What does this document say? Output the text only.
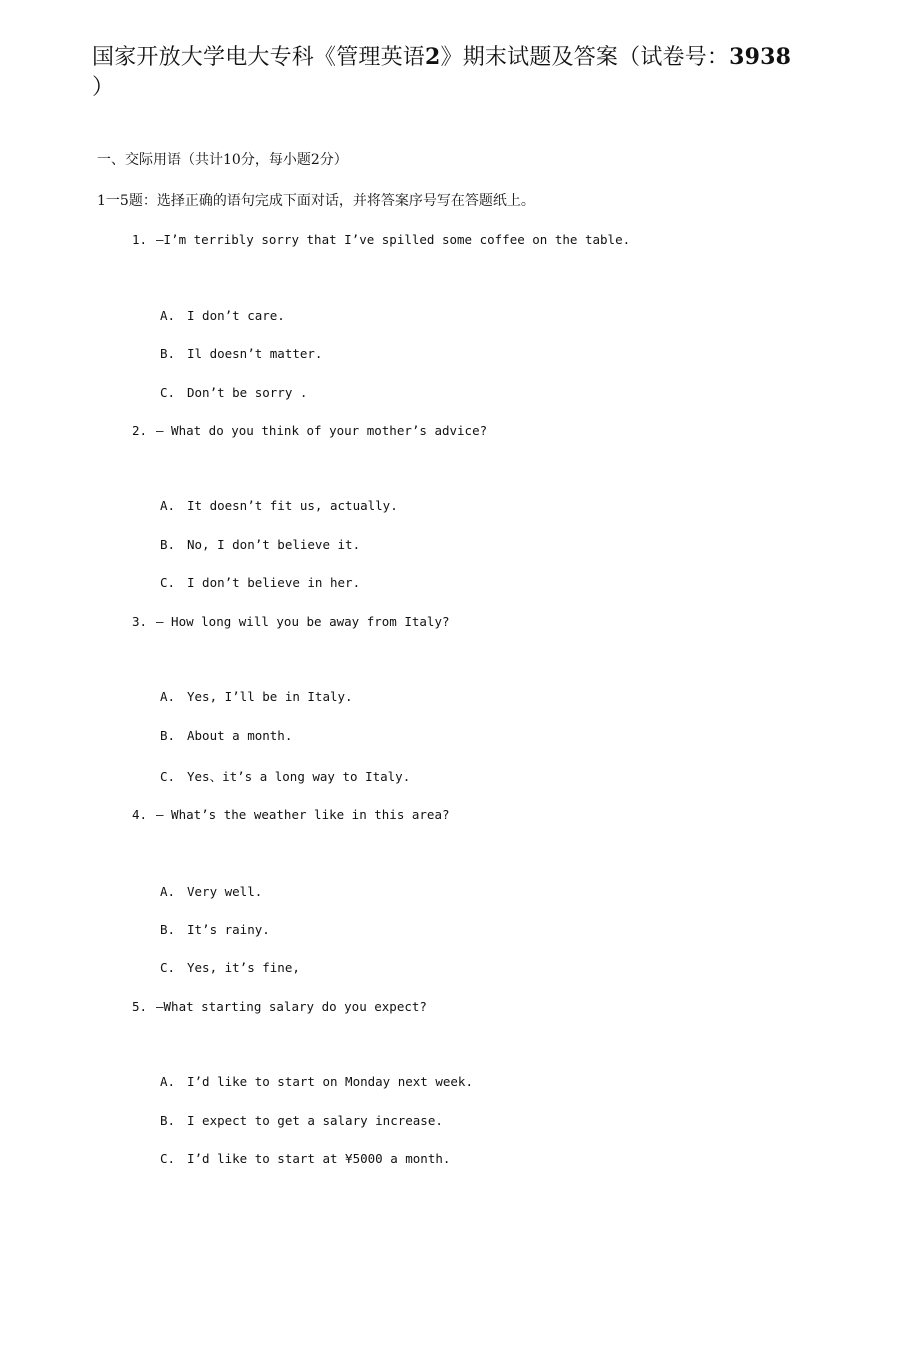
国家开放大学电大专科《管理英语2》期末试题及答案（试卷号：3938
）
一、交际用语（共计10分，每小题2分）
1一5题：选择正确的语句完成下面对话，并将答案序号写在答题纸上。
1. —I’m terribly sorry that I’ve spilled some coffee on the table.
A. I don’t care.
B. Il doesn’t matter.
C. Don’t be sorry .
2. — What do you think of your mother’s advice?
A. It doesn’t fit us, actually.
B. No, I don’t believe it.
C. I don’t believe in her.
3. — How long will you be away from Italy?
A. Yes, I’ll be in Italy.
B. About a month.
C. Yes、it’s a long way to Italy.
4. — What’s the weather like in this area?
A. Very well.
B. It’s rainy.
C. Yes, it’s fine,
5. —What starting salary do you expect?
A. I’d like to start on Monday next week.
B. I expect to get a salary increase.
C. I’d like to start at ¥5000 a month.
